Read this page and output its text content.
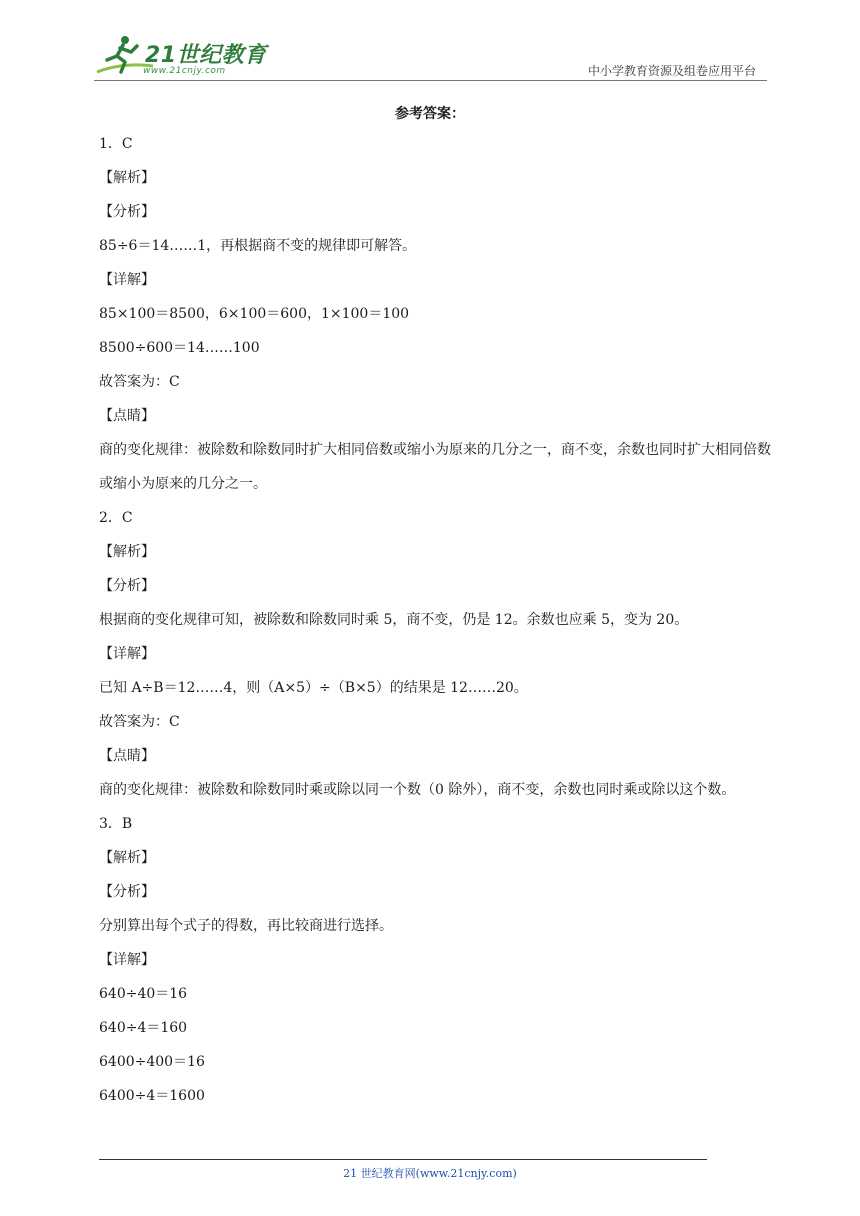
21世纪教育
www.21cnjy.com	中小学教育资源及组卷应用平台
参考答案：
1．C
【解析】
【分析】
85÷6＝14……1，再根据商不变的规律即可解答。
【详解】
85×100＝8500，6×100＝600，1×100＝100
8500÷600＝14……100
故答案为：C
【点睛】
商的变化规律：被除数和除数同时扩大相同倍数或缩小为原来的几分之一，商不变，余数也同时扩大相同倍数或缩小为原来的几分之一。
2．C
【解析】
【分析】
根据商的变化规律可知，被除数和除数同时乘 5，商不变，仍是 12。余数也应乘 5，变为 20。
【详解】
已知 A÷B＝12……4，则（A×5）÷（B×5）的结果是 12……20。
故答案为：C
【点睛】
商的变化规律：被除数和除数同时乘或除以同一个数（0 除外），商不变，余数也同时乘或除以这个数。
3．B
【解析】
【分析】
分别算出每个式子的得数，再比较商进行选择。
【详解】
640÷40＝16
640÷4＝160
6400÷400＝16
6400÷4＝1600
21 世纪教育网(www.21cnjy.com)
